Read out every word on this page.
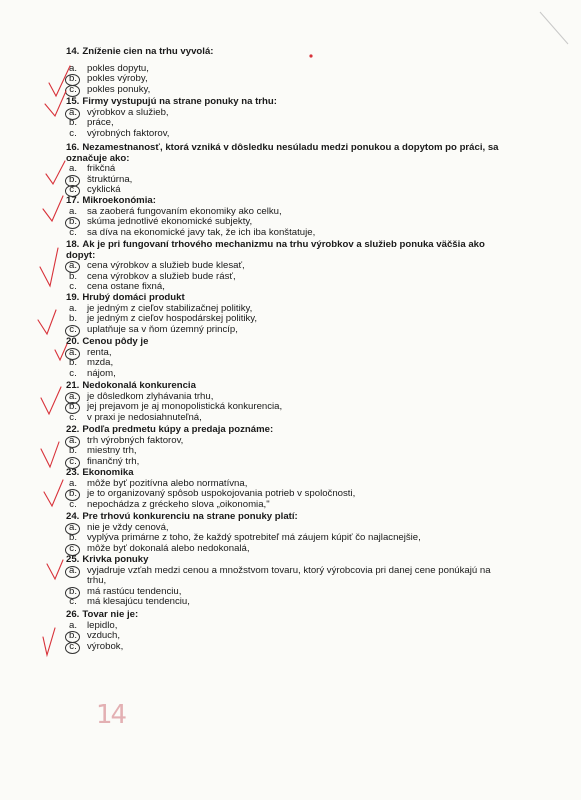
14. Zníženie cien na trhu vyvolá:
a. pokles dopytu,
b. pokles výroby,
c. pokles ponuky,
15. Firmy vystupujú na strane ponuky na trhu:
a. výrobkov a služieb,
b. práce,
c. výrobných faktorov,
16. Nezamestnanosť, ktorá vzniká v dôsledku nesúladu medzi ponukou a dopytom po práci, sa označuje ako:
a. frikčná
b. štruktúrna,
c. cyklická
17. Mikroekonómia:
a. sa zaoberá fungovaním ekonomiky ako celku,
b. skúma jednotlivé ekonomické subjekty,
c. sa díva na ekonomické javy tak, že ich iba konštatuje,
18. Ak je pri fungovaní trhového mechanizmu na trhu výrobkov a služieb ponuka väčšia ako dopyt:
a. cena výrobkov a služieb bude klesať,
b. cena výrobkov a služieb bude rásť,
c. cena ostane fixná,
19. Hrubý domáci produkt
a. je jedným z cieľov stabilizačnej politiky,
b. je jedným z cieľov hospodárskej politiky,
c. uplatňuje sa v ňom územný princíp,
20. Cenou pôdy je
a. renta,
b. mzda,
c. nájom,
21. Nedokonalá konkurencia
a. je dôsledkom zlyhávania trhu,
b. jej prejavom je aj monopolistická konkurencia,
c. v praxi je nedosiahnuteľná,
22. Podľa predmetu kúpy a predaja poznáme:
a. trh výrobných faktorov,
b. miestny trh,
c. finančný trh,
23. Ekonomika
a. môže byť pozitívna alebo normatívna,
b. je to organizovaný spôsob uspokojovania potrieb v spoločnosti,
c. nepochádza z gréckeho slova „oikonomia,"
24. Pre trhovú konkurenciu na strane ponuky platí:
a. nie je vždy cenová,
b. vyplýva primárne z toho, že každý spotrebiteľ má záujem kúpiť čo najlacnejšie,
c. môže byť dokonalá alebo nedokonalá,
25. Krivka ponuky
a. vyjadruje vzťah medzi cenou a množstvom tovaru, ktorý výrobcovia pri danej cene ponúkajú na trhu,
b. má rastúcu tendenciu,
c. má klesajúcu tendenciu,
26. Tovar nie je:
a. lepidlo,
b. vzduch,
c. výrobok,
14
